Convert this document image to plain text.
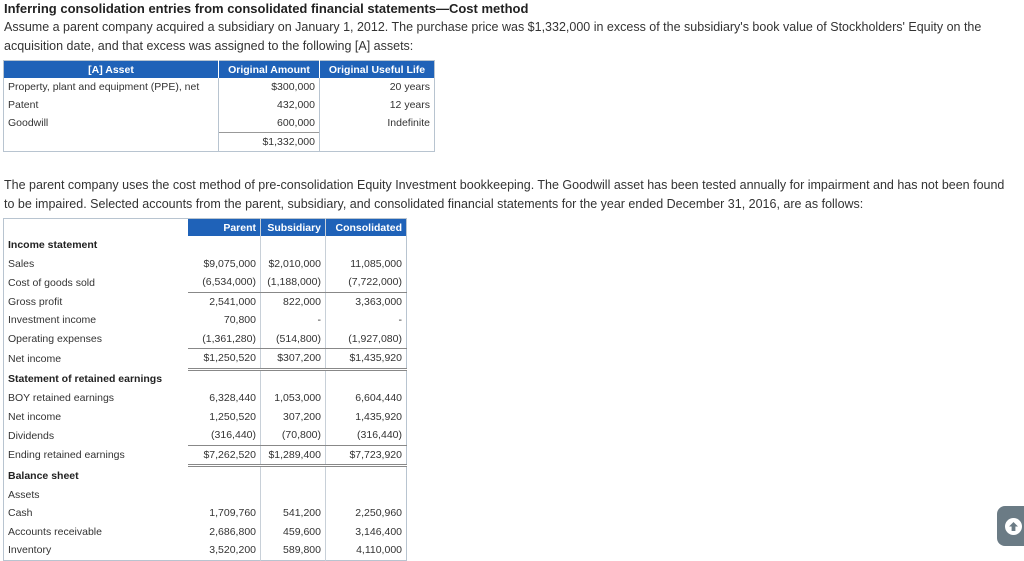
Inferring consolidation entries from consolidated financial statements—Cost method
Assume a parent company acquired a subsidiary on January 1, 2012. The purchase price was $1,332,000 in excess of the subsidiary's book value of Stockholders' Equity on the acquisition date, and that excess was assigned to the following [A] assets:
[A] Asset	Original Amount	Original Useful Life
Property, plant and equipment (PPE), net	$300,000	20 years
Patent	432,000	12 years
Goodwill	600,000	Indefinite
	$1,332,000	
The parent company uses the cost method of pre-consolidation Equity Investment bookkeeping. The Goodwill asset has been tested annually for impairment and has not been found to be impaired. Selected accounts from the parent, subsidiary, and consolidated financial statements for the year ended December 31, 2016, are as follows:
	Parent	Subsidiary	Consolidated
Income statement			
Sales	$9,075,000	$2,010,000	11,085,000
Cost of goods sold	(6,534,000)	(1,188,000)	(7,722,000)
Gross profit	2,541,000	822,000	3,363,000
Investment income	70,800	-	-
Operating expenses	(1,361,280)	(514,800)	(1,927,080)
Net income	$1,250,520	$307,200	$1,435,920
Statement of retained earnings			
BOY retained earnings	6,328,440	1,053,000	6,604,440
Net income	1,250,520	307,200	1,435,920
Dividends	(316,440)	(70,800)	(316,440)
Ending retained earnings	$7,262,520	$1,289,400	$7,723,920
Balance sheet			
Assets			
Cash	1,709,760	541,200	2,250,960
Accounts receivable	2,686,800	459,600	3,146,400
Inventory	3,520,200	589,800	4,110,000
